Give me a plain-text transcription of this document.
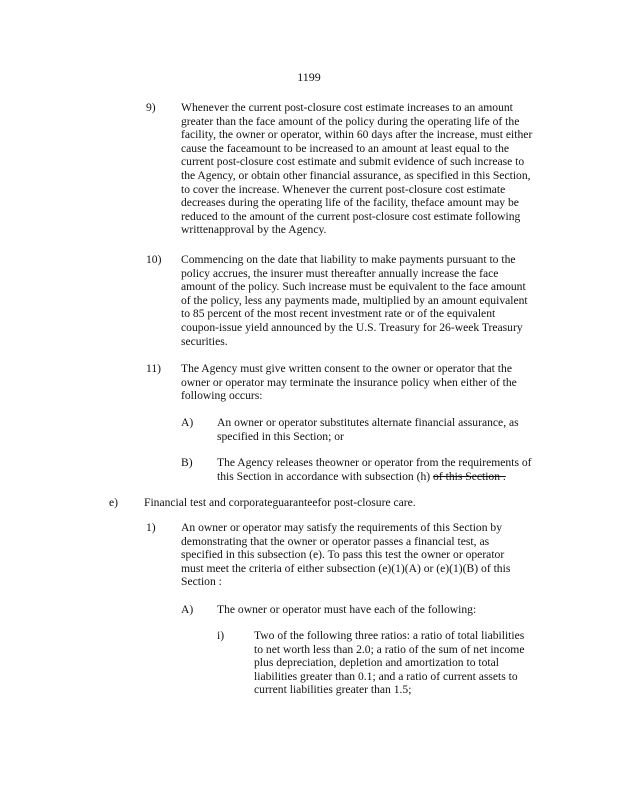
1199
9) Whenever the current post-closure cost estimate increases to an amount greater than the face amount of the policy during the operating life of the facility, the owner or operator, within 60 days after the increase, must either cause the faceamount to be increased to an amount at least equal to the current post-closure cost estimate and submit evidence of such increase to the Agency, or obtain other financial assurance, as specified in this Section, to cover the increase. Whenever the current post-closure cost estimate decreases during the operating life of the facility, theface amount may be reduced to the amount of the current post-closure cost estimate following writtenapproval by the Agency.
10) Commencing on the date that liability to make payments pursuant to the policy accrues, the insurer must thereafter annually increase the face amount of the policy. Such increase must be equivalent to the face amount of the policy, less any payments made, multiplied by an amount equivalent to 85 percent of the most recent investment rate or of the equivalent coupon-issue yield announced by the U.S. Treasury for 26-week Treasury securities.
11) The Agency must give written consent to the owner or operator that the owner or operator may terminate the insurance policy when either of the following occurs:
A) An owner or operator substitutes alternate financial assurance, as specified in this Section; or
B) The Agency releases theowner or operator from the requirements of this Section in accordance with subsection (h) of this Section .
e) Financial test and corporateguaranteefor post-closure care.
1) An owner or operator may satisfy the requirements of this Section by demonstrating that the owner or operator passes a financial test, as specified in this subsection (e). To pass this test the owner or operator must meet the criteria of either subsection (e)(1)(A) or (e)(1)(B) of this Section :
A) The owner or operator must have each of the following:
i)	Two of the following three ratios: a ratio of total liabilities to net worth less than 2.0; a ratio of the sum of net income plus depreciation, depletion and amortization to total liabilities greater than 0.1; and a ratio of current assets to current liabilities greater than 1.5;
